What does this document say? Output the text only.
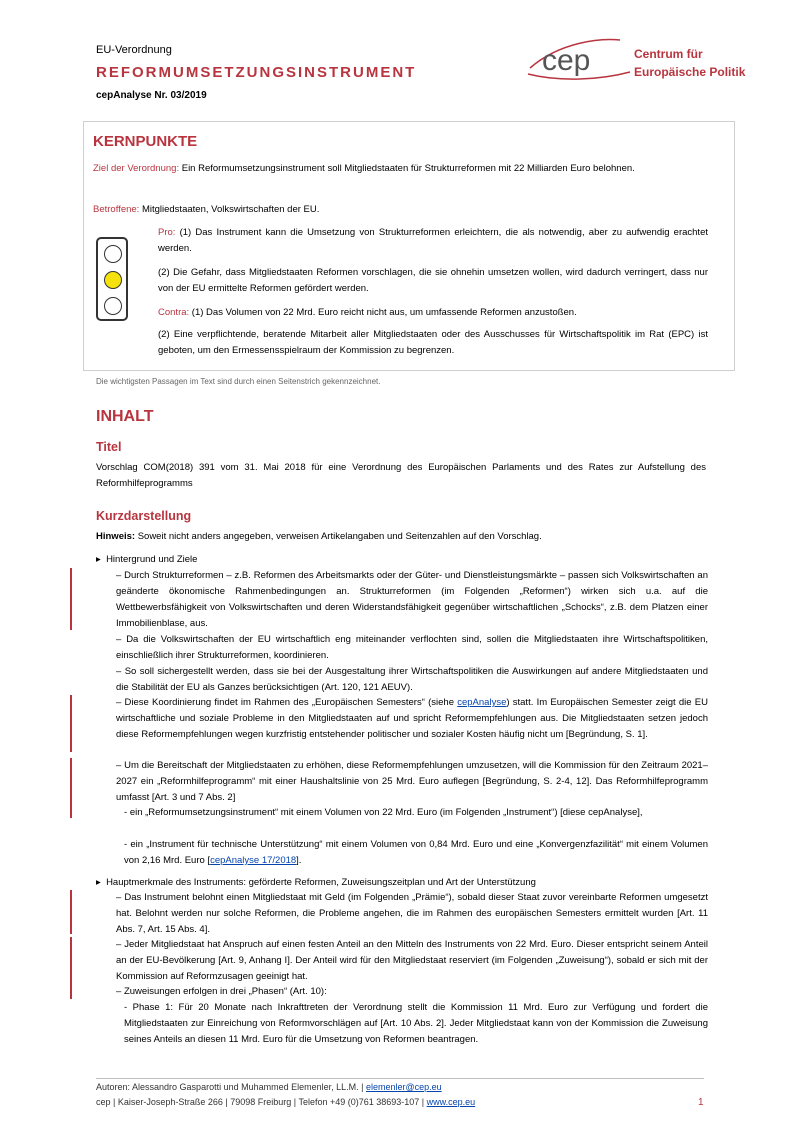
EU-Verordnung
REFORMUMSETZUNGSINSTRUMENT
cepAnalyse Nr. 03/2019
cep	Centrum für
Europäische Politik
KERNPUNKTE
Ziel der Verordnung: Ein Reformumsetzungsinstrument soll Mitgliedstaaten für Strukturreformen mit 22 Milliarden Euro belohnen.
Betroffene: Mitgliedstaaten, Volkswirtschaften der EU.
Pro: (1) Das Instrument kann die Umsetzung von Strukturreformen erleichtern, die als notwendig, aber zu aufwendig erachtet werden.
(2) Die Gefahr, dass Mitgliedstaaten Reformen vorschlagen, die sie ohnehin umsetzen wollen, wird dadurch verringert, dass nur von der EU ermittelte Reformen gefördert werden.
Contra: (1) Das Volumen von 22 Mrd. Euro reicht nicht aus, um umfassende Reformen anzustoßen.
(2) Eine verpflichtende, beratende Mitarbeit aller Mitgliedstaaten oder des Ausschusses für Wirtschaftspolitik im Rat (EPC) ist geboten, um den Ermessensspielraum der Kommission zu begrenzen.
Die wichtigsten Passagen im Text sind durch einen Seitenstrich gekennzeichnet.
INHALT
Titel
Vorschlag COM(2018) 391 vom 31. Mai 2018 für eine Verordnung des Europäischen Parlaments und des Rates zur Aufstellung des Reformhilfeprogramms
Kurzdarstellung
Hinweis: Soweit nicht anders angegeben, verweisen Artikelangaben und Seitenzahlen auf den Vorschlag.
▸ Hintergrund und Ziele
– Durch Strukturreformen – z.B. Reformen des Arbeitsmarkts oder der Güter- und Dienstleistungsmärkte – passen sich Volkswirtschaften an geänderte ökonomische Rahmenbedingungen an. Strukturreformen (im Folgenden „Reformen“) wirken sich u.a. auf die Wettbewerbsfähigkeit von Volkswirtschaften und deren Widerstandsfähigkeit gegenüber wirtschaftlichen „Schocks“, z.B. dem Platzen einer Immobilienblase, aus.
– Da die Volkswirtschaften der EU wirtschaftlich eng miteinander verflochten sind, sollen die Mitgliedstaaten ihre Wirtschaftspolitiken, einschließlich ihrer Strukturreformen, koordinieren.
– So soll sichergestellt werden, dass sie bei der Ausgestaltung ihrer Wirtschaftspolitiken die Auswirkungen auf andere Mitgliedstaaten und die Stabilität der EU als Ganzes berücksichtigen (Art. 120, 121 AEUV).
– Diese Koordinierung findet im Rahmen des „Europäischen Semesters“ (siehe cepAnalyse) statt. Im Europäischen Semester zeigt die EU wirtschaftliche und soziale Probleme in den Mitgliedstaaten auf und spricht Reformempfehlungen aus. Die Mitgliedstaaten setzen jedoch diese Reformempfehlungen wegen kurzfristig entstehender politischer und sozialer Kosten häufig nicht um [Begründung, S. 1].
– Um die Bereitschaft der Mitgliedstaaten zu erhöhen, diese Reformempfehlungen umzusetzen, will die Kommission für den Zeitraum 2021–2027 ein „Reformhilfeprogramm“ mit einer Haushaltslinie von 25 Mrd. Euro auflegen [Begründung, S. 2-4, 12]. Das Reformhilfeprogramm umfasst [Art. 3 und 7 Abs. 2]
- ein „Reformumsetzungsinstrument“ mit einem Volumen von 22 Mrd. Euro (im Folgenden „Instrument“) [diese cepAnalyse],
- ein „Instrument für technische Unterstützung“ mit einem Volumen von 0,84 Mrd. Euro und eine „Konvergenzfazilität“ mit einem Volumen von 2,16 Mrd. Euro [cepAnalyse 17/2018].
▸ Hauptmerkmale des Instruments: geförderte Reformen, Zuweisungszeitplan und Art der Unterstützung
– Das Instrument belohnt einen Mitgliedstaat mit Geld (im Folgenden „Prämie“), sobald dieser Staat zuvor vereinbarte Reformen umgesetzt hat. Belohnt werden nur solche Reformen, die Probleme angehen, die im Rahmen des europäischen Semesters ermittelt wurden [Art. 11 Abs. 7, Art. 15 Abs. 4].
– Jeder Mitgliedstaat hat Anspruch auf einen festen Anteil an den Mitteln des Instruments von 22 Mrd. Euro. Dieser entspricht seinem Anteil an der EU-Bevölkerung [Art. 9, Anhang I]. Der Anteil wird für den Mitgliedstaat reserviert (im Folgenden „Zuweisung“), sobald er sich mit der Kommission auf Reformzusagen geeinigt hat.
– Zuweisungen erfolgen in drei „Phasen“ (Art. 10):
- Phase 1: Für 20 Monate nach Inkrafttreten der Verordnung stellt die Kommission 11 Mrd. Euro zur Verfügung und fordert die Mitgliedstaaten zur Einreichung von Reformvorschlägen auf [Art. 10 Abs. 2]. Jeder Mitgliedstaat kann von der Kommission die Zuweisung seines Anteils an diesen 11 Mrd. Euro für die Umsetzung von Reformen beantragen.
Autoren: Alessandro Gasparotti und Muhammed Elemenler, LL.M. | elemenler@cep.eu
cep | Kaiser-Joseph-Straße 266 | 79098 Freiburg | Telefon +49 (0)761 38693-107 | www.cep.eu	1
